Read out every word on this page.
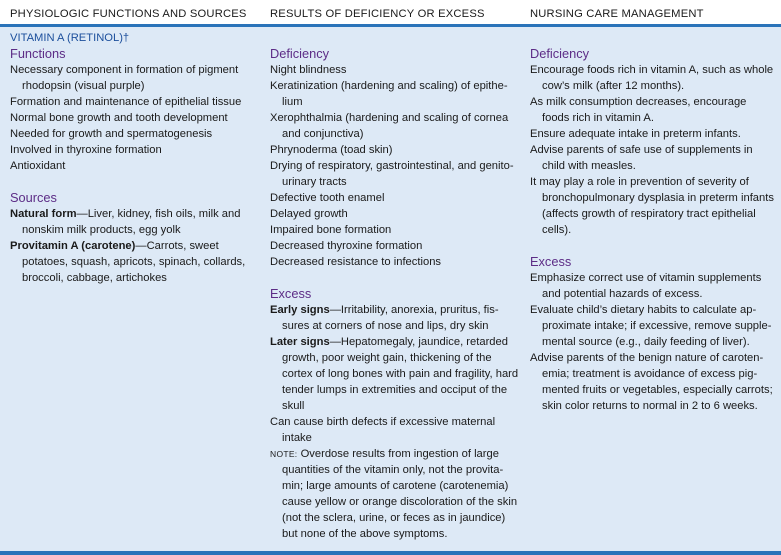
PHYSIOLOGIC FUNCTIONS AND SOURCES RESULTS OF DEFICIENCY OR EXCESS	NURSING CARE MANAGEMENT
VITAMIN A (RETINOL)†
Functions
Necessary component in formation of pigment rhodopsin (visual purple)
Formation and maintenance of epithelial tissue
Normal bone growth and tooth development
Needed for growth and spermatogenesis
Involved in thyroxine formation
Antioxidant
Sources
Natural form—Liver, kidney, fish oils, milk and nonskim milk products, egg yolk
Provitamin A (carotene)—Carrots, sweet potatoes, squash, apricots, spinach, collards, broccoli, cabbage, artichokes
Deficiency
Night blindness
Keratinization (hardening and scaling) of epithelium
Xerophthalmia (hardening and scaling of cornea and conjunctiva)
Phrynoderma (toad skin)
Drying of respiratory, gastrointestinal, and genitourinary tracts
Defective tooth enamel
Delayed growth
Impaired bone formation
Decreased thyroxine formation
Decreased resistance to infections
Excess
Early signs—Irritability, anorexia, pruritus, fissures at corners of nose and lips, dry skin
Later signs—Hepatomegaly, jaundice, retarded growth, poor weight gain, thickening of the cortex of long bones with pain and fragility, hard tender lumps in extremities and occiput of the skull
Can cause birth defects if excessive maternal intake
NOTE: Overdose results from ingestion of large quantities of the vitamin only, not the provitamin; large amounts of carotene (carotenemia) cause yellow or orange discoloration of the skin (not the sclera, urine, or feces as in jaundice) but none of the above symptoms.
Deficiency
Encourage foods rich in vitamin A, such as whole cow’s milk (after 12 months).
As milk consumption decreases, encourage foods rich in vitamin A.
Ensure adequate intake in preterm infants.
Advise parents of safe use of supplements in child with measles.
It may play a role in prevention of severity of bronchopulmonary dysplasia in preterm infants (affects growth of respiratory tract epithelial cells).
Excess
Emphasize correct use of vitamin supplements and potential hazards of excess.
Evaluate child’s dietary habits to calculate approximate intake; if excessive, remove supplemental source (e.g., daily feeding of liver).
Advise parents of the benign nature of carotenemia; treatment is avoidance of excess pigmented fruits or vegetables, especially carrots; skin color returns to normal in 2 to 6 weeks.
